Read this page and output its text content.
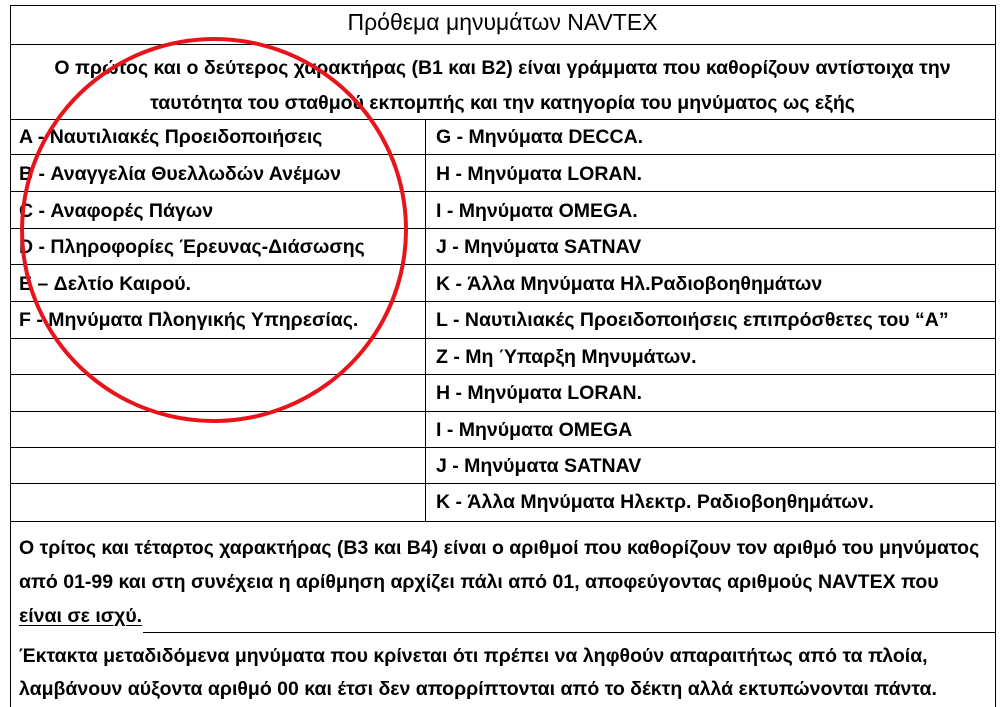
Πρόθεμα μηνυμάτων NAVTEX
Ο πρώτος και ο δεύτερος χαρακτήρας (Β1 και Β2) είναι γράμματα που καθορίζουν αντίστοιχα την
ταυτότητα του σταθμού εκπομπής και την κατηγορία του μηνύματος ως εξής
A - Ναυτιλιακές Προειδοποιήσεις
B - Αναγγελία Θυελλωδών Ανέμων
C - Αναφορές Πάγων
D - Πληροφορίες Έρευνας-Διάσωσης
E – Δελτίο Καιρού.
F - Μηνύματα Πλοηγικής Υπηρεσίας.
G - Μηνύματα DECCA.
H - Μηνύματα LORAN.
I - Μηνύματα OMEGA.
J - Μηνύματα SATNAV
K - Άλλα Μηνύματα Ηλ.Ραδιοβοηθημάτων
L - Ναυτιλιακές Προειδοποιήσεις επιπρόσθετες του “A”
Z - Μη Ύπαρξη Μηνυμάτων.
H - Μηνύματα LORAN.
I - Μηνύματα OMEGA
J - Μηνύματα SATNAV
K - Άλλα Μηνύματα Ηλεκτρ. Ραδιοβοηθημάτων.
Ο τρίτος και τέταρτος χαρακτήρας (Β3 και Β4) είναι ο αριθμοί που καθορίζουν τον αριθμό του μηνύματος
από 01-99 και στη συνέχεια η αρίθμηση αρχίζει πάλι από 01, αποφεύγοντας αριθμούς NAVTEX που
είναι σε ισχύ.
Έκτακτα μεταδιδόμενα μηνύματα που κρίνεται ότι πρέπει να ληφθούν απαραιτήτως από τα πλοία,
λαμβάνουν αύξοντα αριθμό 00 και έτσι δεν απορρίπτονται από το δέκτη αλλά εκτυπώνονται πάντα.
